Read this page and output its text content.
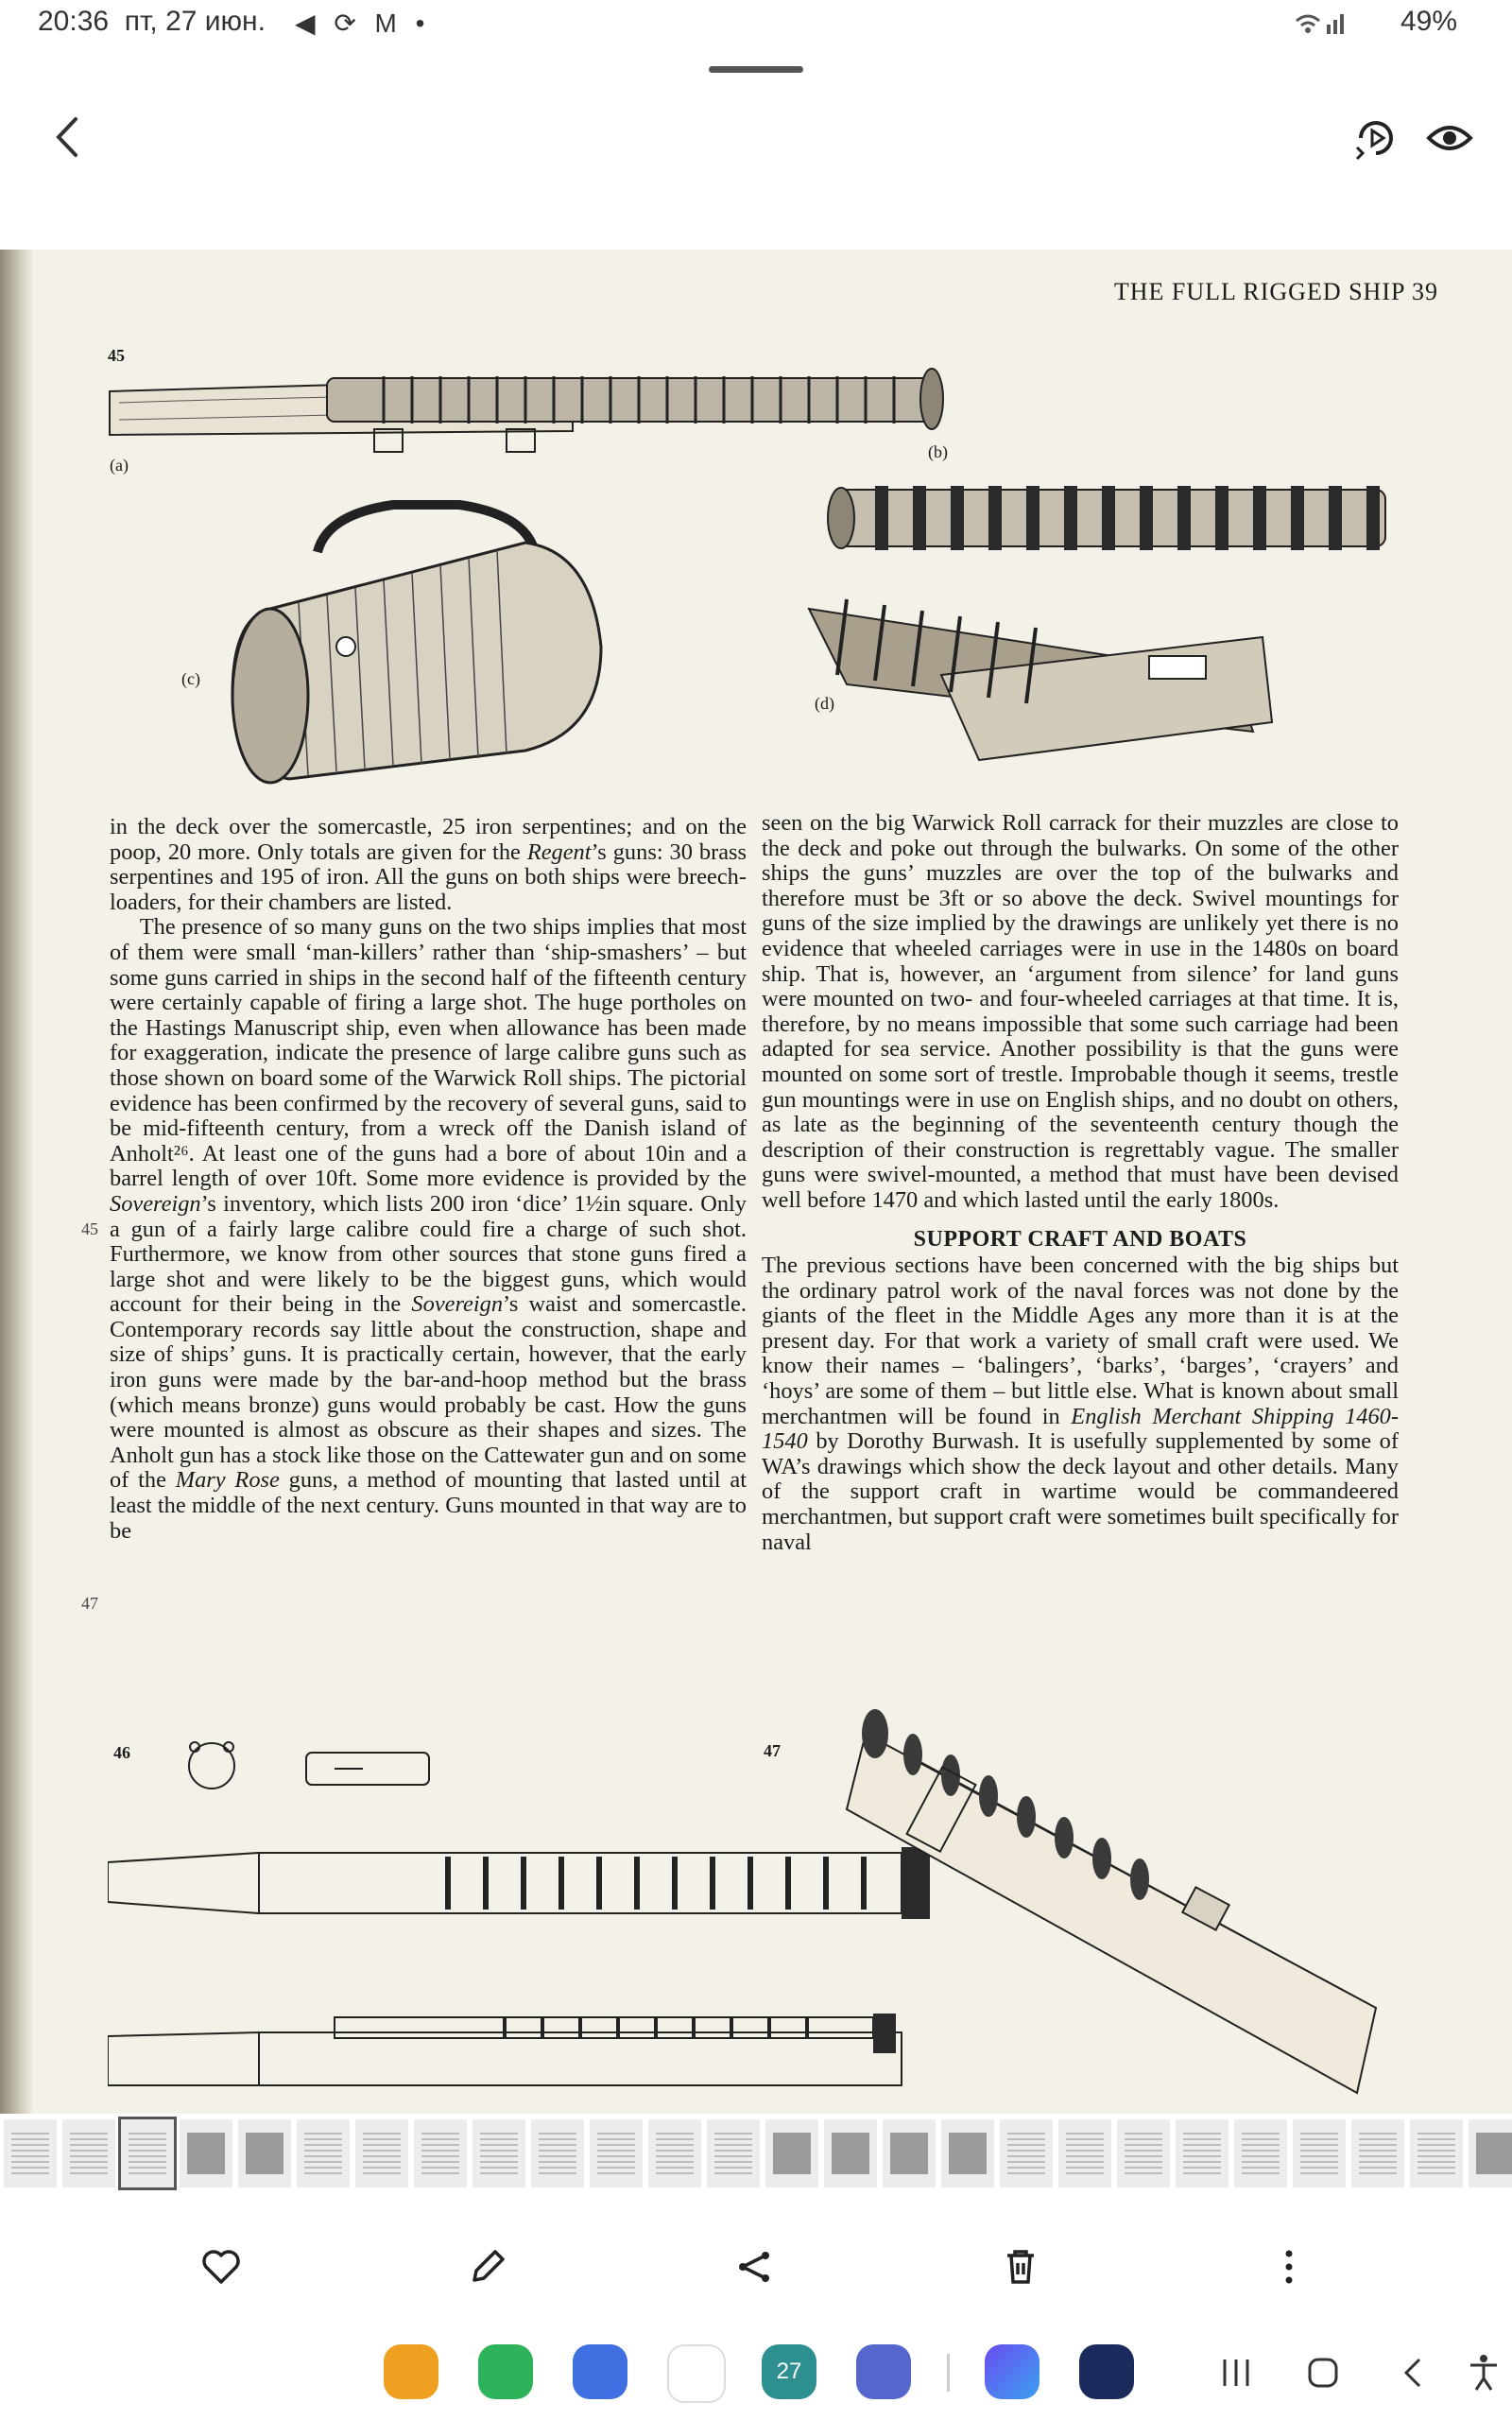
20:36 пт, 27 июн. ◀ ⟳ M •	49%
THE FULL RIGGED SHIP 39
45
(a)
(b)
(c)
(d)
46	47

in the deck over the somercastle, 25 iron serpentines; and on the poop, 20 more. Only totals are given for the Regent’s guns: 30 brass serpentines and 195 of iron. All the guns on both ships were breech-loaders, for their chambers are listed.

The presence of so many guns on the two ships implies that most of them were small ‘man-killers’ rather than ‘ship-smashers’ – but some guns carried in ships in the second half of the fifteenth century were certainly capable of firing a large shot. The huge portholes on the Hastings Manuscript ship, even when allowance has been made for exaggeration, indicate the presence of large calibre guns such as those shown on board some of the Warwick Roll ships. The pictorial evidence has been confirmed by the recovery of several guns, said to be mid-fifteenth century, from a wreck off the Danish island of Anholt²⁶. At least one of the guns had a bore of about 10in and a barrel length of over 10ft. Some more evidence is provided by the Sovereign’s inventory, which lists 200 iron ‘dice’ 1½in square. Only a gun of a fairly large calibre could fire a charge of such shot. Furthermore, we know from other sources that stone guns fired a large shot and were likely to be the biggest guns, which would account for their being in the Sovereign’s waist and somercastle. Contemporary records say little about the construction, shape and size of ships’ guns. It is practically certain, however, that the early iron guns were made by the bar-and-hoop method but the brass (which means bronze) guns would probably be cast. How the guns were mounted is almost as obscure as their shapes and sizes. The Anholt gun has a stock like those on the Cattewater gun and on some of the Mary Rose guns, a method of mounting that lasted until at least the middle of the next century. Guns mounted in that way are to be

45
47

seen on the big Warwick Roll carrack for their muzzles are close to the deck and poke out through the bulwarks. On some of the other ships the guns’ muzzles are over the top of the bulwarks and therefore must be 3ft or so above the deck. Swivel mountings for guns of the size implied by the drawings are unlikely yet there is no evidence that wheeled carriages were in use in the 1480s on board ship. That is, however, an ‘argument from silence’ for land guns were mounted on two- and four-wheeled carriages at that time. It is, therefore, by no means impossible that some such carriage had been adapted for sea service. Another possibility is that the guns were mounted on some sort of trestle. Improbable though it seems, trestle gun mountings were in use on English ships, and no doubt on others, as late as the beginning of the seventeenth century though the description of their construction is regrettably vague. The smaller guns were swivel-mounted, a method that must have been devised well before 1470 and which lasted until the early 1800s.

SUPPORT CRAFT AND BOATS

The previous sections have been concerned with the big ships but the ordinary patrol work of the naval forces was not done by the giants of the fleet in the Middle Ages any more than it is at the present day. For that work a variety of small craft were used. We know their names – ‘balingers’, ‘barks’, ‘barges’, ‘crayers’ and ‘hoys’ are some of them – but little else. What is known about small merchantmen will be found in English Merchant Shipping 1460-1540 by Dorothy Burwash. It is usefully supplemented by some of WA’s drawings which show the deck layout and other details. Many of the support craft in wartime would be commandeered merchantmen, but support craft were sometimes built specifically for naval

27
